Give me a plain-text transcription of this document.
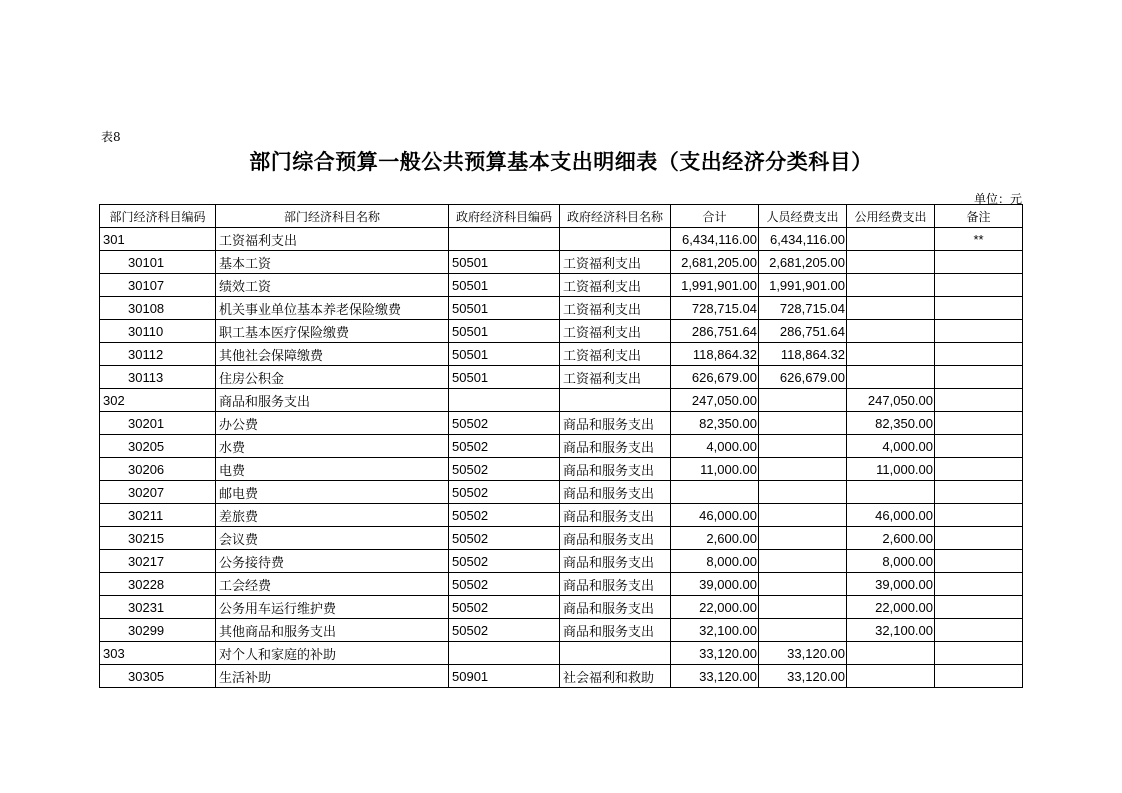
表8
部门综合预算一般公共预算基本支出明细表（支出经济分类科目）
单位：元
部门经济科目编码	部门经济科目名称	政府经济科目编码	政府经济科目名称	合计	人员经费支出	公用经费支出	备注
301	工资福利支出			6,434,116.00	6,434,116.00		**
30101	基本工资	50501	工资福利支出	2,681,205.00	2,681,205.00		
30107	绩效工资	50501	工资福利支出	1,991,901.00	1,991,901.00		
30108	机关事业单位基本养老保险缴费	50501	工资福利支出	728,715.04	728,715.04		
30110	职工基本医疗保险缴费	50501	工资福利支出	286,751.64	286,751.64		
30112	其他社会保障缴费	50501	工资福利支出	118,864.32	118,864.32		
30113	住房公积金	50501	工资福利支出	626,679.00	626,679.00		
302	商品和服务支出			247,050.00		247,050.00	
30201	办公费	50502	商品和服务支出	82,350.00		82,350.00	
30205	水费	50502	商品和服务支出	4,000.00		4,000.00	
30206	电费	50502	商品和服务支出	11,000.00		11,000.00	
30207	邮电费	50502	商品和服务支出				
30211	差旅费	50502	商品和服务支出	46,000.00		46,000.00	
30215	会议费	50502	商品和服务支出	2,600.00		2,600.00	
30217	公务接待费	50502	商品和服务支出	8,000.00		8,000.00	
30228	工会经费	50502	商品和服务支出	39,000.00		39,000.00	
30231	公务用车运行维护费	50502	商品和服务支出	22,000.00		22,000.00	
30299	其他商品和服务支出	50502	商品和服务支出	32,100.00		32,100.00	
303	对个人和家庭的补助			33,120.00	33,120.00		
30305	生活补助	50901	社会福利和救助	33,120.00	33,120.00		
